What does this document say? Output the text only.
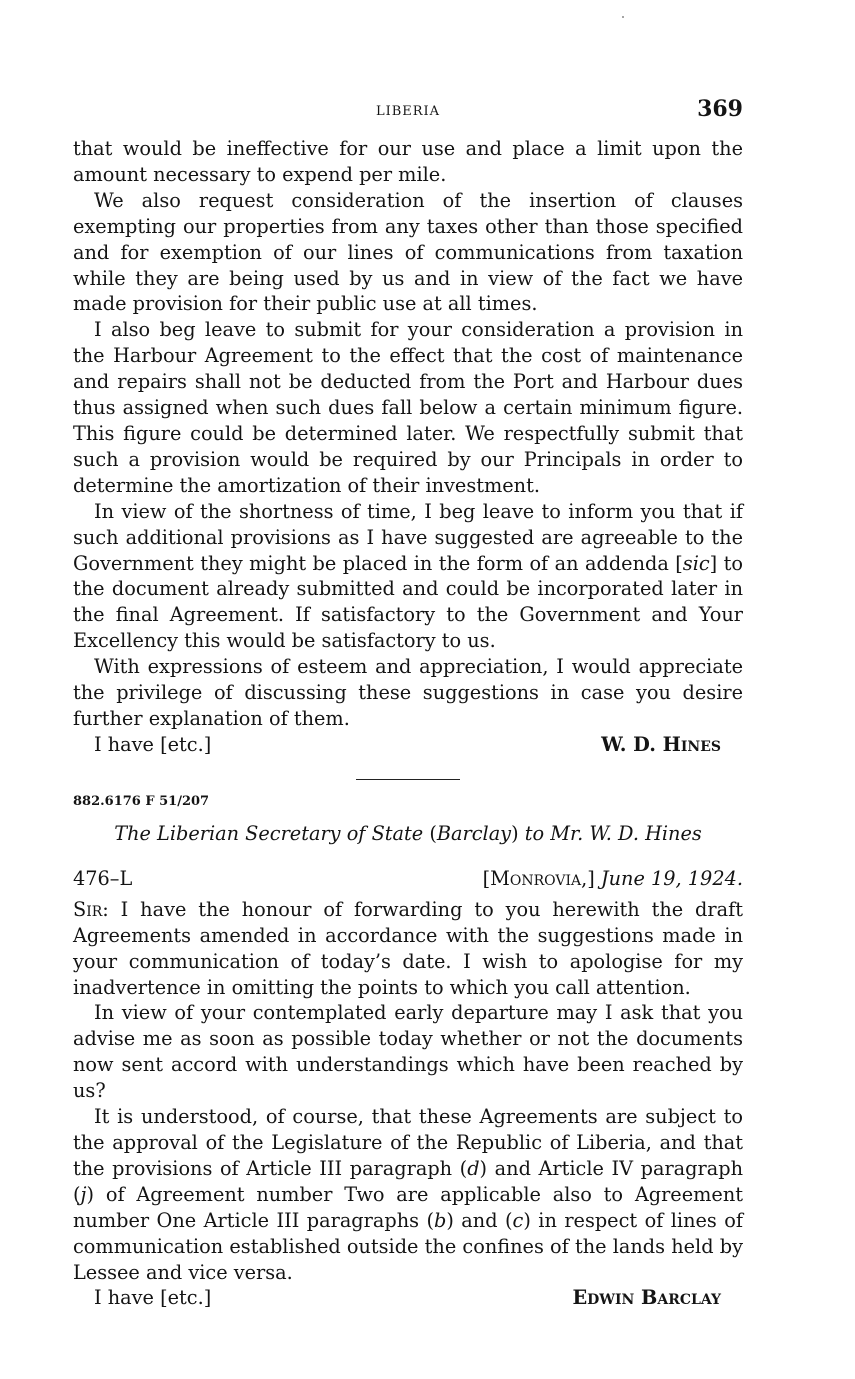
LIBERIA	369

that would be ineffective for our use and place a limit upon the amount necessary to expend per mile.

We also request consideration of the insertion of clauses exempting our properties from any taxes other than those specified and for exemption of our lines of communications from taxation while they are being used by us and in view of the fact we have made provision for their public use at all times.

I also beg leave to submit for your consideration a provision in the Harbour Agreement to the effect that the cost of maintenance and repairs shall not be deducted from the Port and Harbour dues thus assigned when such dues fall below a certain minimum figure. This figure could be determined later. We respectfully submit that such a provision would be required by our Principals in order to determine the amortization of their investment.

In view of the shortness of time, I beg leave to inform you that if such additional provisions as I have suggested are agreeable to the Government they might be placed in the form of an addenda [sic] to the document already submitted and could be incorporated later in the final Agreement. If satisfactory to the Government and Your Excellency this would be satisfactory to us.

With expressions of esteem and appreciation, I would appreciate the privilege of discussing these suggestions in case you desire further explanation of them.

I have [etc.]	W. D. Hines
882.6176 F 51/207
The Liberian Secretary of State (Barclay) to Mr. W. D. Hines
476–L	[Monrovia,] June 19, 1924.

Sir: I have the honour of forwarding to you herewith the draft Agreements amended in accordance with the suggestions made in your communication of today’s date. I wish to apologise for my inadvertence in omitting the points to which you call attention.

In view of your contemplated early departure may I ask that you advise me as soon as possible today whether or not the documents now sent accord with understandings which have been reached by us?

It is understood, of course, that these Agreements are subject to the approval of the Legislature of the Republic of Liberia, and that the provisions of Article III paragraph (d) and Article IV paragraph (j) of Agreement number Two are applicable also to Agreement number One Article III paragraphs (b) and (c) in respect of lines of communication established outside the confines of the lands held by Lessee and vice versa.

I have [etc.]	Edwin Barclay
